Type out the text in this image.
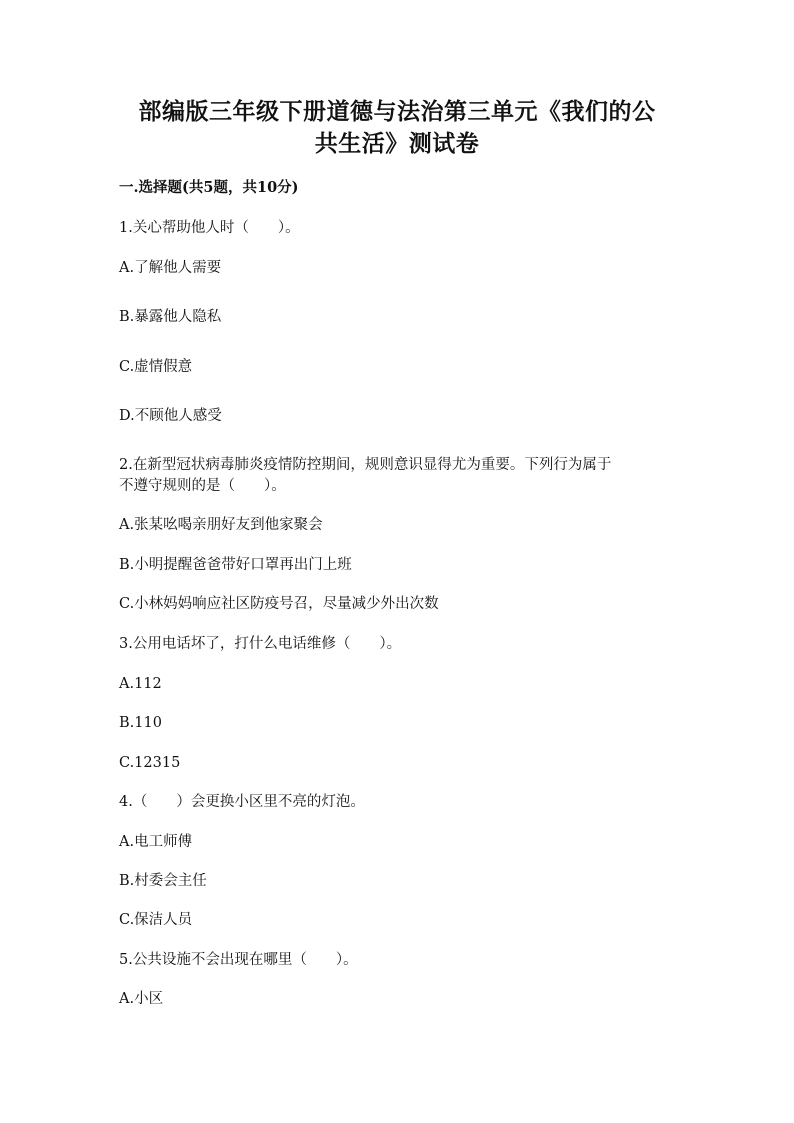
部编版三年级下册道德与法治第三单元《我们的公
共生活》测试卷
一.选择题(共5题，共10分)
1.关心帮助他人时（　　）。
A.了解他人需要
B.暴露他人隐私
C.虚情假意
D.不顾他人感受
2.在新型冠状病毒肺炎疫情防控期间，规则意识显得尤为重要。下列行为属于
不遵守规则的是（　　）。
A.张某吆喝亲朋好友到他家聚会
B.小明提醒爸爸带好口罩再出门上班
C.小林妈妈响应社区防疫号召，尽量减少外出次数
3.公用电话坏了，打什么电话维修（　　）。
A.112
B.110
C.12315
4.（　　）会更换小区里不亮的灯泡。
A.电工师傅
B.村委会主任
C.保洁人员
5.公共设施不会出现在哪里（　　）。
A.小区
